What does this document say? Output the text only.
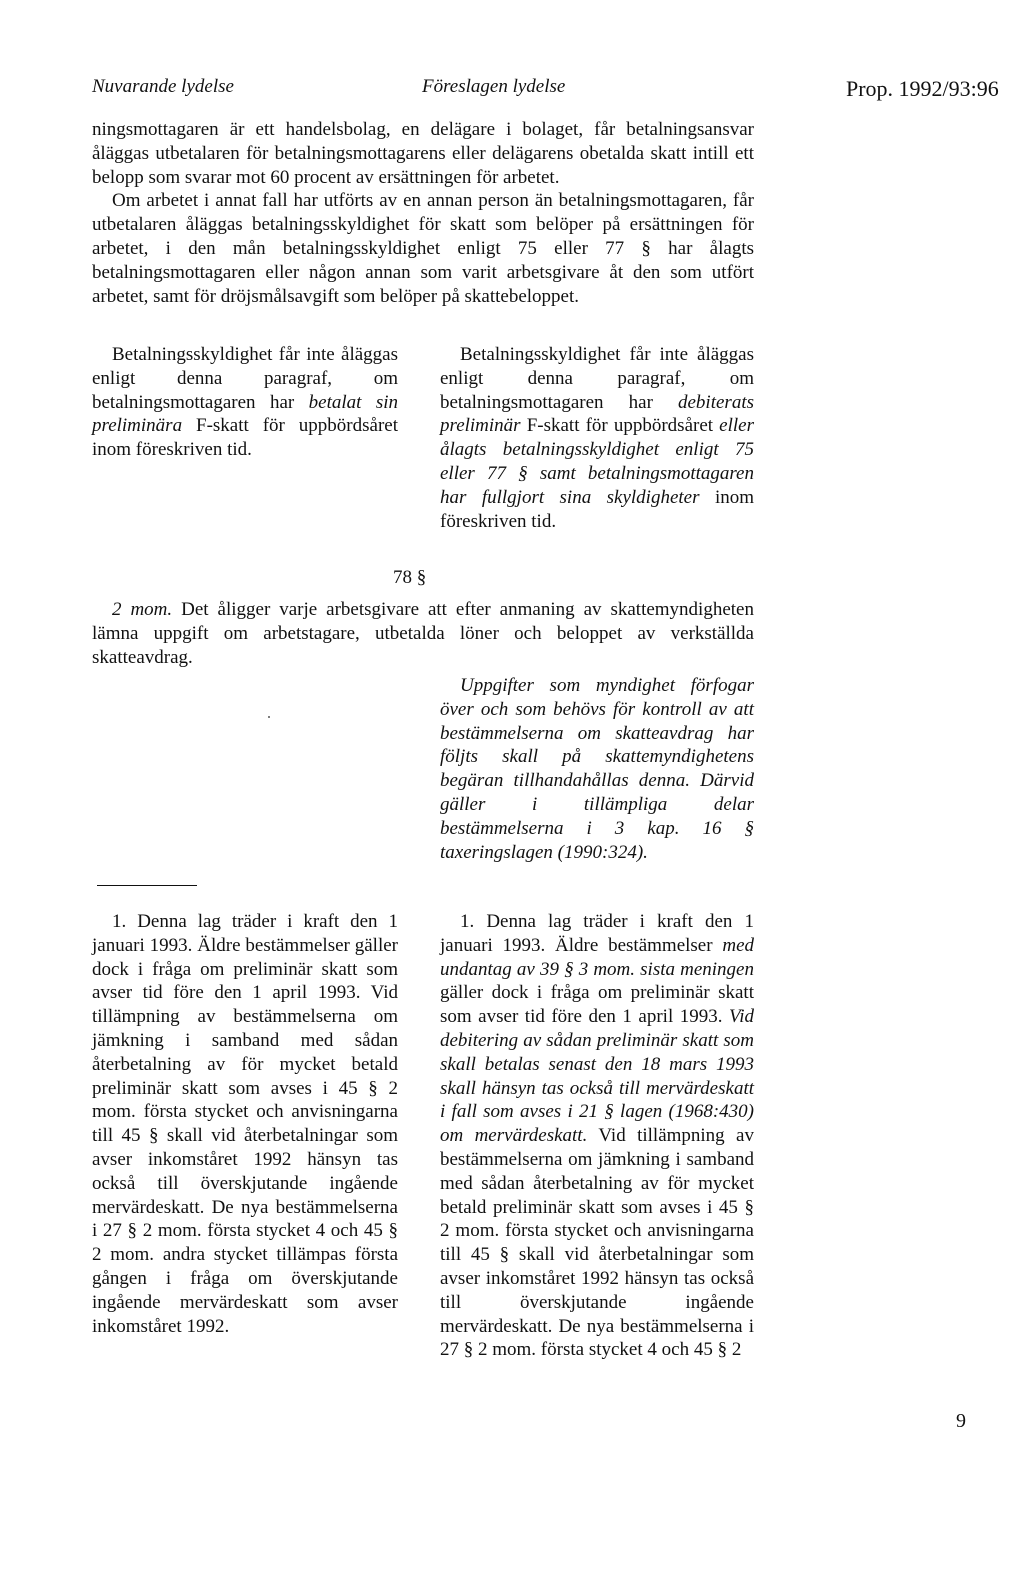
Nuvarande lydelse	Föreslagen lydelse	Prop. 1992/93:96

ningsmottagaren är ett handelsbolag, en delägare i bolaget, får betalningsansvar åläggas utbetalaren för betalningsmottagarens eller delägarens obetalda skatt intill ett belopp som svarar mot 60 procent av ersättningen för arbetet.

Om arbetet i annat fall har utförts av en annan person än betalningsmottagaren, får utbetalaren åläggas betalningsskyldighet för skatt som belöper på ersättningen för arbetet, i den mån betalningsskyldighet enligt 75 eller 77 § har ålagts betalningsmottagaren eller någon annan som varit arbetsgivare åt den som utfört arbetet, samt för dröjsmålsavgift som belöper på skattebeloppet.

Betalningsskyldighet får inte åläggas enligt denna paragraf, om betalningsmottagaren har betalat sin preliminära F-skatt för uppbördsåret inom föreskriven tid.

Betalningsskyldighet får inte åläggas enligt denna paragraf, om betalningsmottagaren har debiterats preliminär F-skatt för uppbördsåret eller ålagts betalningsskyldighet enligt 75 eller 77 § samt betalningsmottagaren har fullgjort sina skyldigheter inom föreskriven tid.

78 §

2 mom. Det åligger varje arbetsgivare att efter anmaning av skattemyndigheten lämna uppgift om arbetstagare, utbetalda löner och beloppet av verkställda skatteavdrag.

Uppgifter som myndighet förfogar över och som behövs för kontroll av att bestämmelserna om skatteavdrag har följts skall på skattemyndighetens begäran tillhandahållas denna. Därvid gäller i tillämpliga delar bestämmelserna i 3 kap. 16 § taxeringslagen (1990:324).

1. Denna lag träder i kraft den 1 januari 1993. Äldre bestämmelser gäller dock i fråga om preliminär skatt som avser tid före den 1 april 1993. Vid tillämpning av bestämmelserna om jämkning i samband med sådan återbetalning av för mycket betald preliminär skatt som avses i 45 § 2 mom. första stycket och anvisningarna till 45 § skall vid återbetalningar som avser inkomståret 1992 hänsyn tas också till överskjutande ingående mervärdeskatt. De nya bestämmelserna i 27 § 2 mom. första stycket 4 och 45 § 2 mom. andra stycket tillämpas första gången i fråga om överskjutande ingående mervärdeskatt som avser inkomståret 1992.

1. Denna lag träder i kraft den 1 januari 1993. Äldre bestämmelser med undantag av 39 § 3 mom. sista meningen gäller dock i fråga om preliminär skatt som avser tid före den 1 april 1993. Vid debitering av sådan preliminär skatt som skall betalas senast den 18 mars 1993 skall hänsyn tas också till mervärdeskatt i fall som avses i 21 § lagen (1968:430) om mervärdeskatt. Vid tillämpning av bestämmelserna om jämkning i samband med sådan återbetalning av för mycket betald preliminär skatt som avses i 45 § 2 mom. första stycket och anvisningarna till 45 § skall vid återbetalningar som avser inkomståret 1992 hänsyn tas också till överskjutande ingående mervärdeskatt. De nya bestämmelserna i 27 § 2 mom. första stycket 4 och 45 § 2

9
